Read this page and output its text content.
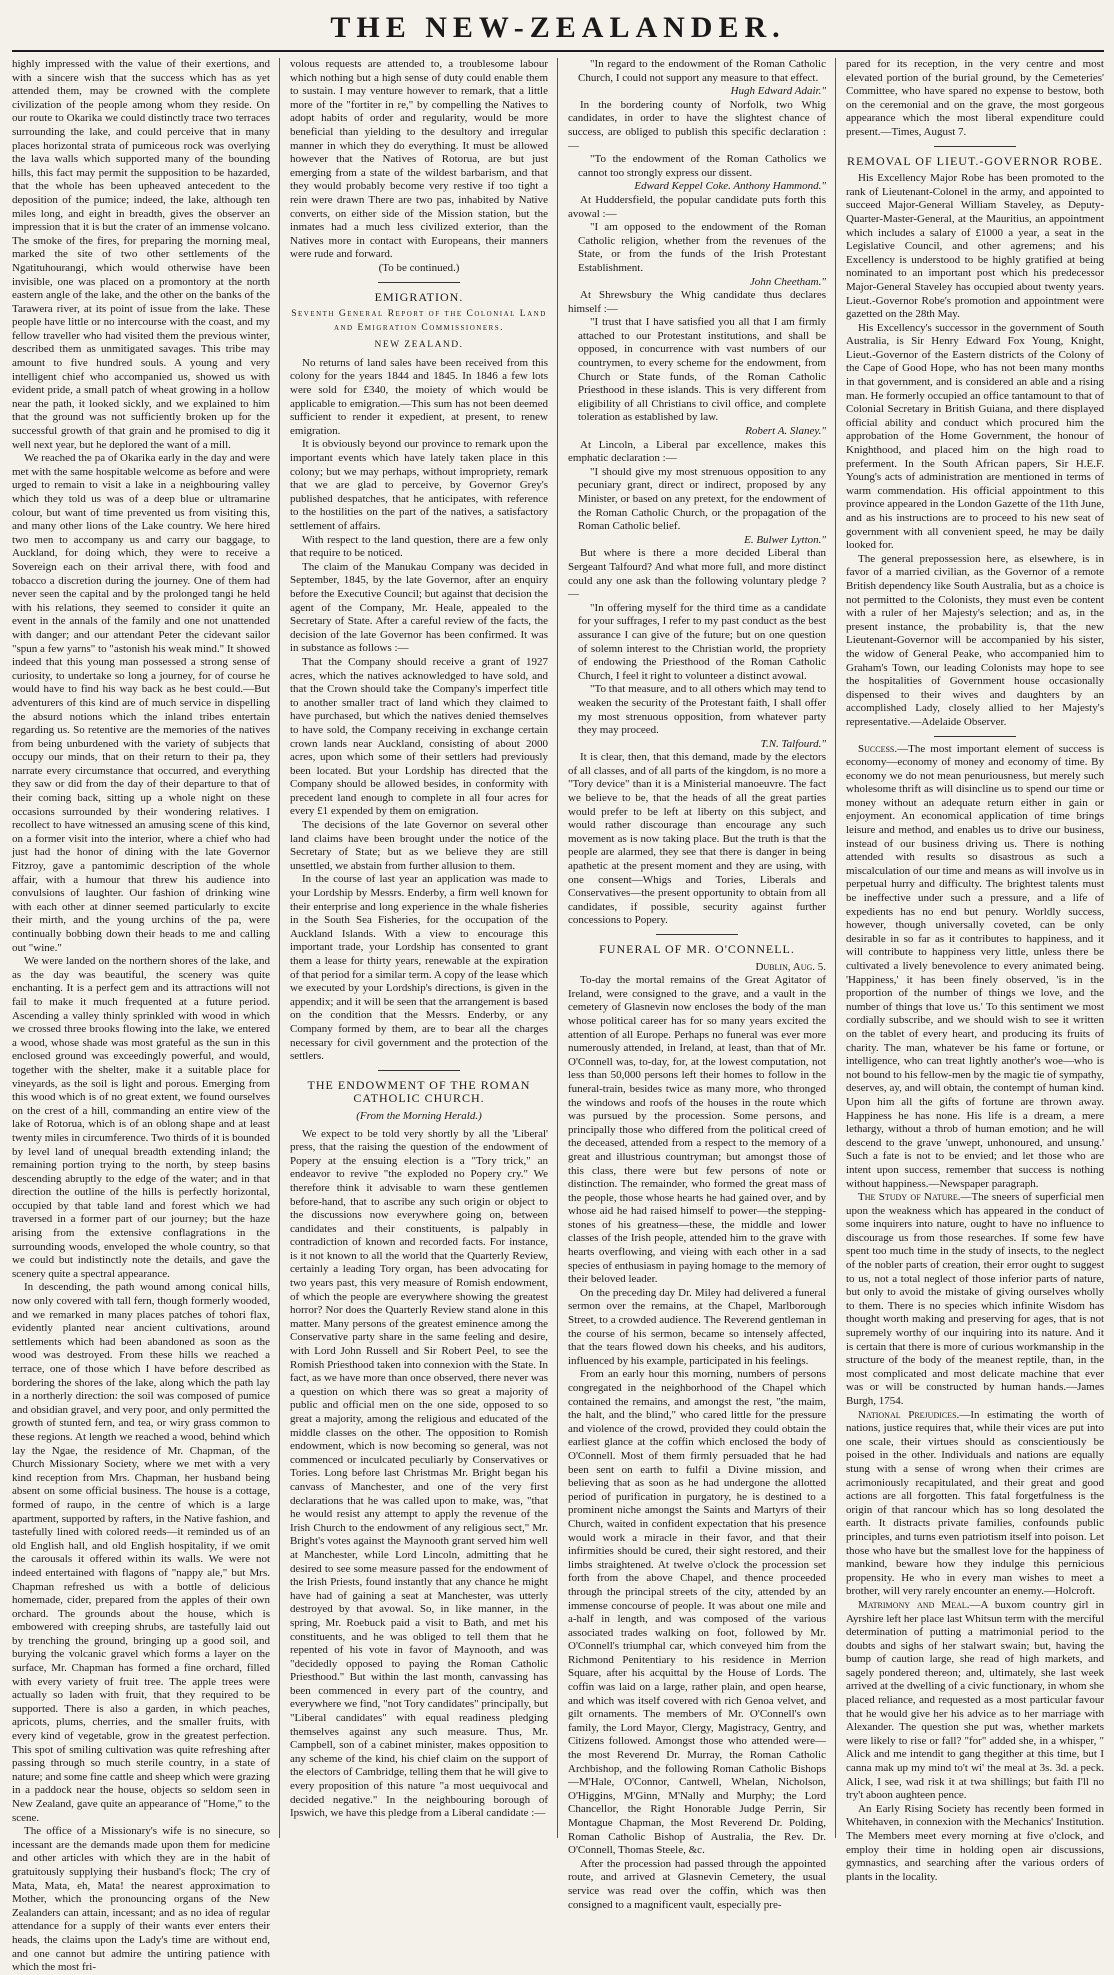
THE NEW-ZEALANDER.

highly impressed with the value of their exertions, and with a sincere wish that the success which has as yet attended them, may be crowned with the complete civilization of the people among whom they reside. On our route to Okarika we could distinctly trace two terraces surrounding the lake, and could perceive that in many places horizontal strata of pumiceous rock was overlying the lava walls which supported many of the bounding hills, this fact may permit the supposition to be hazarded, that the whole has been upheaved antecedent to the deposition of the pumice; indeed, the lake, although ten miles long, and eight in breadth, gives the observer an impression that it is but the crater of an immense volcano. The smoke of the fires, for preparing the morning meal, marked the site of two other settlements of the Ngatituhourangi, which would otherwise have been invisible, one was placed on a promontory at the north eastern angle of the lake, and the other on the banks of the Tarawera river, at its point of issue from the lake. These people have little or no intercourse with the coast, and my fellow traveller who had visited them the previous winter, described them as unmitigated savages. This tribe may amount to five hundred souls. A young and very intelligent chief who accompanied us, showed us with evident pride, a small patch of wheat growing in a hollow near the path, it looked sickly, and we explained to him that the ground was not sufficiently broken up for the successful growth of that grain and he promised to dig it well next year, but he deplored the want of a mill.

We reached the pa of Okarika early in the day and were met with the same hospitable welcome as before and were urged to remain to visit a lake in a neighbouring valley which they told us was of a deep blue or ultramarine colour, but want of time prevented us from visiting this, and many other lions of the Lake country. We here hired two men to accompany us and carry our baggage, to Auckland, for doing which, they were to receive a Sovereign each on their arrival there, with food and tobacco a discretion during the journey. One of them had never seen the capital and by the prolonged tangi he held with his relations, they seemed to consider it quite an event in the annals of the family and one not unattended with danger; and our attendant Peter the cidevant sailor "spun a few yarns" to "astonish his weak mind." It showed indeed that this young man possessed a strong sense of curiosity, to undertake so long a journey, for of course he would have to find his way back as he best could.—But adventurers of this kind are of much service in dispelling the absurd notions which the inland tribes entertain regarding us. So retentive are the memories of the natives from being unburdened with the variety of subjects that occupy our minds, that on their return to their pa, they narrate every circumstance that occurred, and everything they saw or did from the day of their departure to that of their coming back, sitting up a whole night on these occasions surrounded by their wondering relatives. I recollect to have witnessed an amusing scene of this kind, on a former visit into the interior, where a chief who had just had the honor of dining with the late Governor Fitzroy, gave a pantomimic description of the whole affair, with a humour that threw his audience into convulsions of laughter. Our fashion of drinking wine with each other at dinner seemed particularly to excite their mirth, and the young urchins of the pa, were continually bobbing down their heads to me and calling out "wine."

We were landed on the northern shores of the lake, and as the day was beautiful, the scenery was quite enchanting. It is a perfect gem and its attractions will not fail to make it much frequented at a future period. Ascending a valley thinly sprinkled with wood in which we crossed three brooks flowing into the lake, we entered a wood, whose shade was most grateful as the sun in this enclosed ground was exceedingly powerful, and would, together with the shelter, make it a suitable place for vineyards, as the soil is light and porous. Emerging from this wood which is of no great extent, we found ourselves on the crest of a hill, commanding an entire view of the lake of Rotorua, which is of an oblong shape and at least twenty miles in circumference. Two thirds of it is bounded by level land of unequal breadth extending inland; the remaining portion trying to the north, by steep basins descending abruptly to the edge of the water; and in that direction the outline of the hills is perfectly horizontal, occupied by that table land and forest which we had traversed in a former part of our journey; but the haze arising from the extensive conflagrations in the surrounding woods, enveloped the whole country, so that we could but indistinctly note the details, and gave the scenery quite a spectral appearance.

In descending, the path wound among conical hills, now only covered with tall fern, though formerly wooded, and we remarked in many places patches of tohori flax, evidently planted near ancient cultivations, around settlements which had been abandoned as soon as the wood was destroyed. From these hills we reached a terrace, one of those which I have before described as bordering the shores of the lake, along which the path lay in a northerly direction: the soil was composed of pumice and obsidian gravel, and very poor, and only permitted the growth of stunted fern, and tea, or wiry grass common to these regions. At length we reached a wood, behind which lay the Ngae, the residence of Mr. Chapman, of the Church Missionary Society, where we met with a very kind reception from Mrs. Chapman, her husband being absent on some official business. The house is a cottage, formed of raupo, in the centre of which is a large apartment, supported by rafters, in the Native fashion, and tastefully lined with colored reeds—it reminded us of an old English hall, and old English hospitality, if we omit the carousals it offered within its walls. We were not indeed entertained with flagons of "nappy ale," but Mrs. Chapman refreshed us with a bottle of delicious homemade, cider, prepared from the apples of their own orchard. The grounds about the house, which is embowered with creeping shrubs, are tastefully laid out by trenching the ground, bringing up a good soil, and burying the volcanic gravel which forms a layer on the surface, Mr. Chapman has formed a fine orchard, filled with every variety of fruit tree. The apple trees were actually so laden with fruit, that they required to be supported. There is also a garden, in which peaches, apricots, plums, cherries, and the smaller fruits, with every kind of vegetable, grow in the greatest perfection. This spot of smiling cultivation was quite refreshing after passing through so much sterile country, in a state of nature; and some fine cattle and sheep which were grazing in a paddock near the house, objects so seldom seen in New Zealand, gave quite an appearance of "Home," to the scene.

The office of a Missionary's wife is no sinecure, so incessant are the demands made upon them for medicine and other articles with which they are in the habit of gratuitously supplying their husband's flock; The cry of Mata, Mata, eh, Mata! the nearest approximation to Mother, which the pronouncing organs of the New Zealanders can attain, incessant; and as no idea of regular attendance for a supply of their wants ever enters their heads, the claims upon the Lady's time are without end, and one cannot but admire the untiring patience with which the most fri-

volous requests are attended to, a troublesome labour which nothing but a high sense of duty could enable them to sustain. I may venture however to remark, that a little more of the "fortiter in re," by compelling the Natives to adopt habits of order and regularity, would be more beneficial than yielding to the desultory and irregular manner in which they do everything. It must be allowed however that the Natives of Rotorua, are but just emerging from a state of the wildest barbarism, and that they would probably become very restive if too tight a rein were drawn There are two pas, inhabited by Native converts, on either side of the Mission station, but the inmates had a much less civilized exterior, than the Natives more in contact with Europeans, their manners were rude and forward.

(To be continued.)

EMIGRATION.
Seventh General Report of the Colonial Land and Emigration Commissioners.
NEW ZEALAND.

No returns of land sales have been received from this colony for the years 1844 and 1845. In 1846 a few lots were sold for £340, the moiety of which would be applicable to emigration.—This sum has not been deemed sufficient to render it expedient, at present, to renew emigration.

It is obviously beyond our province to remark upon the important events which have lately taken place in this colony; but we may perhaps, without impropriety, remark that we are glad to perceive, by Governor Grey's published despatches, that he anticipates, with reference to the hostilities on the part of the natives, a satisfactory settlement of affairs.

With respect to the land question, there are a few only that require to be noticed.

The claim of the Manukau Company was decided in September, 1845, by the late Governor, after an enquiry before the Executive Council; but against that decision the agent of the Company, Mr. Heale, appealed to the Secretary of State. After a careful review of the facts, the decision of the late Governor has been confirmed. It was in substance as follows :—

That the Company should receive a grant of 1927 acres, which the natives acknowledged to have sold, and that the Crown should take the Company's imperfect title to another smaller tract of land which they claimed to have purchased, but which the natives denied themselves to have sold, the Company receiving in exchange certain crown lands near Auckland, consisting of about 2000 acres, upon which some of their settlers had previously been located. But your Lordship has directed that the Company should be allowed besides, in conformity with precedent land enough to complete in all four acres for every £1 expended by them on emigration.

The decisions of the late Governor on several other land claims have been brought under the notice of the Secretary of State; but as we believe they are still unsettled, we abstain from further allusion to them.

In the course of last year an application was made to your Lordship by Messrs. Enderby, a firm well known for their enterprise and long experience in the whale fisheries in the South Sea Fisheries, for the occupation of the Auckland Islands. With a view to encourage this important trade, your Lordship has consented to grant them a lease for thirty years, renewable at the expiration of that period for a similar term. A copy of the lease which we executed by your Lordship's directions, is given in the appendix; and it will be seen that the arrangement is based on the condition that the Messrs. Enderby, or any Company formed by them, are to bear all the charges necessary for civil government and the protection of the settlers.

THE ENDOWMENT OF THE ROMAN CATHOLIC CHURCH.
(From the Morning Herald.)

We expect to be told very shortly by all the 'Liberal' press, that the raising the question of the endowment of Popery at the ensuing election is a "Tory trick," an endeavor to revive "the exploded no Popery cry." We therefore think it advisable to warn these gentlemen before-hand, that to ascribe any such origin or object to the discussions now everywhere going on, between candidates and their constituents, is palpably in contradiction of known and recorded facts. For instance, is it not known to all the world that the Quarterly Review, certainly a leading Tory organ, has been advocating for two years past, this very measure of Romish endowment, of which the people are everywhere showing the greatest horror? Nor does the Quarterly Review stand alone in this matter. Many persons of the greatest eminence among the Conservative party share in the same feeling and desire, with Lord John Russell and Sir Robert Peel, to see the Romish Priesthood taken into connexion with the State. In fact, as we have more than once observed, there never was a question on which there was so great a majority of public and official men on the one side, opposed to so great a majority, among the religious and educated of the middle classes on the other. The opposition to Romish endowment, which is now becoming so general, was not commenced or inculcated peculiarly by Conservatives or Tories. Long before last Christmas Mr. Bright began his canvass of Manchester, and one of the very first declarations that he was called upon to make, was, "that he would resist any attempt to apply the revenue of the Irish Church to the endowment of any religious sect," Mr. Bright's votes against the Maynooth grant served him well at Manchester, while Lord Lincoln, admitting that he desired to see some measure passed for the endowment of the Irish Priests, found instantly that any chance he might have had of gaining a seat at Manchester, was utterly destroyed by that avowal. So, in like manner, in the spring, Mr. Roebuck paid a visit to Bath, and met his constituents, and he was obliged to tell them that he repented of his vote in favor of Maynooth, and was "decidedly opposed to paying the Roman Catholic Priesthood." But within the last month, canvassing has been commenced in every part of the country, and everywhere we find, "not Tory candidates" principally, but "Liberal candidates" with equal readiness pledging themselves against any such measure. Thus, Mr. Campbell, son of a cabinet minister, makes opposition to any scheme of the kind, his chief claim on the support of the electors of Cambridge, telling them that he will give to every proposition of this nature "a most uequivocal and decided negative." In the neighbouring borough of Ipswich, we have this pledge from a Liberal candidate :—

"In regard to the endowment of the Roman Catholic Church, I could not support any measure to that effect.

Hugh Edward Adair."

In the bordering county of Norfolk, two Whig candidates, in order to have the slightest chance of success, are obliged to publish this specific declaration :—

"To the endowment of the Roman Catholics we cannot too strongly express our dissent.

Edward Keppel Coke. Anthony Hammond."

At Huddersfield, the popular candidate puts forth this avowal :—

"I am opposed to the endowment of the Roman Catholic religion, whether from the revenues of the State, or from the funds of the Irish Protestant Establishment.

John Cheetham."

At Shrewsbury the Whig candidate thus declares himself :—

"I trust that I have satisfied you all that I am firmly attached to our Protestant institutions, and shall be opposed, in concurrence with vast numbers of our countrymen, to every scheme for the endowment, from Church or State funds, of the Roman Catholic Priesthood in these islands. This is very different from eligibility of all Christians to civil office, and complete toleration as established by law.

Robert A. Slaney."

At Lincoln, a Liberal par excellence, makes this emphatic declaration :—

"I should give my most strenuous opposition to any pecuniary grant, direct or indirect, proposed by any Minister, or based on any pretext, for the endowment of the Roman Catholic Church, or the propagation of the Roman Catholic belief.

E. Bulwer Lytton."

But where is there a more decided Liberal than Sergeant Talfourd? And what more full, and more distinct could any one ask than the following voluntary pledge ?—

"In offering myself for the third time as a candidate for your suffrages, I refer to my past conduct as the best assurance I can give of the future; but on one question of solemn interest to the Christian world, the propriety of endowing the Priesthood of the Roman Catholic Church, I feel it right to volunteer a distinct avowal.

"To that measure, and to all others which may tend to weaken the security of the Protestant faith, I shall offer my most strenuous opposition, from whatever party they may proceed.

T.N. Talfourd."

It is clear, then, that this demand, made by the electors of all classes, and of all parts of the kingdom, is no more a "Tory device" than it is a Ministerial manoeuvre. The fact we believe to be, that the heads of all the great parties would prefer to be left at liberty on this subject, and would rather discourage than encourage any such movement as is now taking place. But the truth is that the people are alarmed, they see that there is danger in being apathetic at the present moment and they are using, with one consent—Whigs and Tories, Liberals and Conservatives—the present opportunity to obtain from all candidates, if possible, security against further concessions to Popery.

FUNERAL OF MR. O'CONNELL.

Dublin, Aug. 5.

To-day the mortal remains of the Great Agitator of Ireland, were consigned to the grave, and a vault in the cemetery of Glasnevin now encloses the body of the man whose political career has for so many years excited the attention of all Europe. Perhaps no funeral was ever more numerously attended, in Ireland, at least, than that of Mr. O'Connell was, to-day, for, at the lowest computation, not less than 50,000 persons left their homes to follow in the funeral-train, besides twice as many more, who thronged the windows and roofs of the houses in the route which was pursued by the procession. Some persons, and principally those who differed from the political creed of the deceased, attended from a respect to the memory of a great and illustrious countryman; but amongst those of this class, there were but few persons of note or distinction. The remainder, who formed the great mass of the people, those whose hearts he had gained over, and by whose aid he had raised himself to power—the stepping-stones of his greatness—these, the middle and lower classes of the Irish people, attended him to the grave with hearts overflowing, and vieing with each other in a sad species of enthusiasm in paying homage to the memory of their beloved leader.

On the preceding day Dr. Miley had delivered a funeral sermon over the remains, at the Chapel, Marlborough Street, to a crowded audience. The Reverend gentleman in the course of his sermon, became so intensely affected, that the tears flowed down his cheeks, and his auditors, influenced by his example, participated in his feelings.

From an early hour this morning, numbers of persons congregated in the neighborhood of the Chapel which contained the remains, and amongst the rest, "the maim, the halt, and the blind," who cared little for the pressure and violence of the crowd, provided they could obtain the earliest glance at the coffin which enclosed the body of O'Connell. Most of them firmly persuaded that he had been sent on earth to fulfil a Divine mission, and believing that as soon as he had undergone the allotted period of purification in purgatory, he is destined to a prominent niche amongst the Saints and Martyrs of their Church, waited in confident expectation that his presence would work a miracle in their favor, and that their infirmities should be cured, their sight restored, and their limbs straightened. At twelve o'clock the procession set forth from the above Chapel, and thence proceeded through the principal streets of the city, attended by an immense concourse of people. It was about one mile and a-half in length, and was composed of the various associated trades walking on foot, followed by Mr. O'Connell's triumphal car, which conveyed him from the Richmond Penitentiary to his residence in Merrion Square, after his acquittal by the House of Lords. The coffin was laid on a large, rather plain, and open hearse, and which was itself covered with rich Genoa velvet, and gilt ornaments. The members of Mr. O'Connell's own family, the Lord Mayor, Clergy, Magistracy, Gentry, and Citizens followed. Amongst those who attended were—the most Reverend Dr. Murray, the Roman Catholic Archbishop, and the following Roman Catholic Bishops—M'Hale, O'Connor, Cantwell, Whelan, Nicholson, O'Higgins, M'Ginn, M'Nally and Murphy; the Lord Chancellor, the Right Honorable Judge Perrin, Sir Montague Chapman, the Most Reverend Dr. Polding, Roman Catholic Bishop of Australia, the Rev. Dr. O'Connell, Thomas Steele, &c.

After the procession had passed through the appointed route, and arrived at Glasnevin Cemetery, the usual service was read over the coffin, which was then consigned to a magnificent vault, especially pre-

pared for its reception, in the very centre and most elevated portion of the burial ground, by the Cemeteries' Committee, who have spared no expense to bestow, both on the ceremonial and on the grave, the most gorgeous appearance which the most liberal expenditure could present.—Times, August 7.

REMOVAL OF LIEUT.-GOVERNOR ROBE.

His Excellency Major Robe has been promoted to the rank of Lieutenant-Colonel in the army, and appointed to succeed Major-General William Staveley, as Deputy-Quarter-Master-General, at the Mauritius, an appointment which includes a salary of £1000 a year, a seat in the Legislative Council, and other agremens; and his Excellency is understood to be highly gratified at being nominated to an important post which his predecessor Major-General Staveley has occupied about twenty years. Lieut.-Governor Robe's promotion and appointment were gazetted on the 28th May.

His Excellency's successor in the government of South Australia, is Sir Henry Edward Fox Young, Knight, Lieut.-Governor of the Eastern districts of the Colony of the Cape of Good Hope, who has not been many months in that government, and is considered an able and a rising man. He formerly occupied an office tantamount to that of Colonial Secretary in British Guiana, and there displayed official ability and conduct which procured him the approbation of the Home Government, the honour of Knighthood, and placed him on the high road to preferment. In the South African papers, Sir H.E.F. Young's acts of administration are mentioned in terms of warm commendation. His official appointment to this province appeared in the London Gazette of the 11th June, and as his instructions are to proceed to his new seat of government with all convenient speed, he may be daily looked for.

The general prepossession here, as elsewhere, is in favor of a married civilian, as the Governor of a remote British dependency like South Australia, but as a choice is not permitted to the Colonists, they must even be content with a ruler of her Majesty's selection; and as, in the present instance, the probability is, that the new Lieutenant-Governor will be accompanied by his sister, the widow of General Peake, who accompanied him to Graham's Town, our leading Colonists may hope to see the hospitalities of Government house occasionally dispensed to their wives and daughters by an accomplished Lady, closely allied to her Majesty's representative.—Adelaide Observer.

Success.—The most important element of success is economy—economy of money and economy of time. By economy we do not mean penuriousness, but merely such wholesome thrift as will disincline us to spend our time or money without an adequate return either in gain or enjoyment. An economical application of time brings leisure and method, and enables us to drive our business, instead of our business driving us. There is nothing attended with results so disastrous as such a miscalculation of our time and means as will involve us in perpetual hurry and difficulty. The brightest talents must be ineffective under such a pressure, and a life of expedients has no end but penury. Worldly success, however, though universally coveted, can be only desirable in so far as it contributes to happiness, and it will contribute to happiness very little, unless there be cultivated a lively benevolence to every animated being. 'Happiness,' it has been finely observed, 'is in the proportion of the number of things we love, and the number of things that love us.' To this sentiment we most cordially subscribe, and we should wish to see it written on the tablet of every heart, and producing its fruits of charity. The man, whatever be his fame or fortune, or intelligence, who can treat lightly another's woe—who is not bound to his fellow-men by the magic tie of sympathy, deserves, ay, and will obtain, the contempt of human kind. Upon him all the gifts of fortune are thrown away. Happiness he has none. His life is a dream, a mere lethargy, without a throb of human emotion; and he will descend to the grave 'unwept, unhonoured, and unsung.' Such a fate is not to be envied; and let those who are intent upon success, remember that success is nothing without happiness.—Newspaper paragraph.

The Study of Nature.—The sneers of superficial men upon the weakness which has appeared in the conduct of some inquirers into nature, ought to have no influence to discourage us from those researches. If some few have spent too much time in the study of insects, to the neglect of the nobler parts of creation, their error ought to suggest to us, not a total neglect of those inferior parts of nature, but only to avoid the mistake of giving ourselves wholly to them. There is no species which infinite Wisdom has thought worth making and preserving for ages, that is not supremely worthy of our inquiring into its nature. And it is certain that there is more of curious workmanship in the structure of the body of the meanest reptile, than, in the most complicated and most delicate machine that ever was or will be constructed by human hands.—James Burgh, 1754.

National Prejudices.—In estimating the worth of nations, justice requires that, while their vices are put into one scale, their virtues should as conscientiously be poised in the other. Individuals and nations are equally stung with a sense of wrong when their crimes are acrimoniously recapitulated, and their great and good actions are all forgotten. This fatal forgetfulness is the origin of that rancour which has so long desolated the earth. It distracts private families, confounds public principles, and turns even patriotism itself into poison. Let those who have but the smallest love for the happiness of mankind, beware how they indulge this pernicious propensity. He who in every man wishes to meet a brother, will very rarely encounter an enemy.—Holcroft.

Matrimony and Meal.—A buxom country girl in Ayrshire left her place last Whitsun term with the merciful determination of putting a matrimonial period to the doubts and sighs of her stalwart swain; but, having the bump of caution large, she read of high markets, and sagely pondered thereon; and, ultimately, she last week arrived at the dwelling of a civic functionary, in whom she placed reliance, and requested as a most particular favour that he would give her his advice as to her marriage with Alexander. The question she put was, whether markets were likely to rise or fall? "for" added she, in a whisper, " Alick and me intendit to gang thegither at this time, but I canna mak up my mind to't wi' the meal at 3s. 3d. a peck. Alick, I see, wad risk it at twa shillings; but faith I'll no try't aboon aughteen pence.

An Early Rising Society has recently been formed in Whitehaven, in connexion with the Mechanics' Institution. The Members meet every morning at five o'clock, and employ their time in holding open air discussions, gymnastics, and searching after the various orders of plants in the locality.
